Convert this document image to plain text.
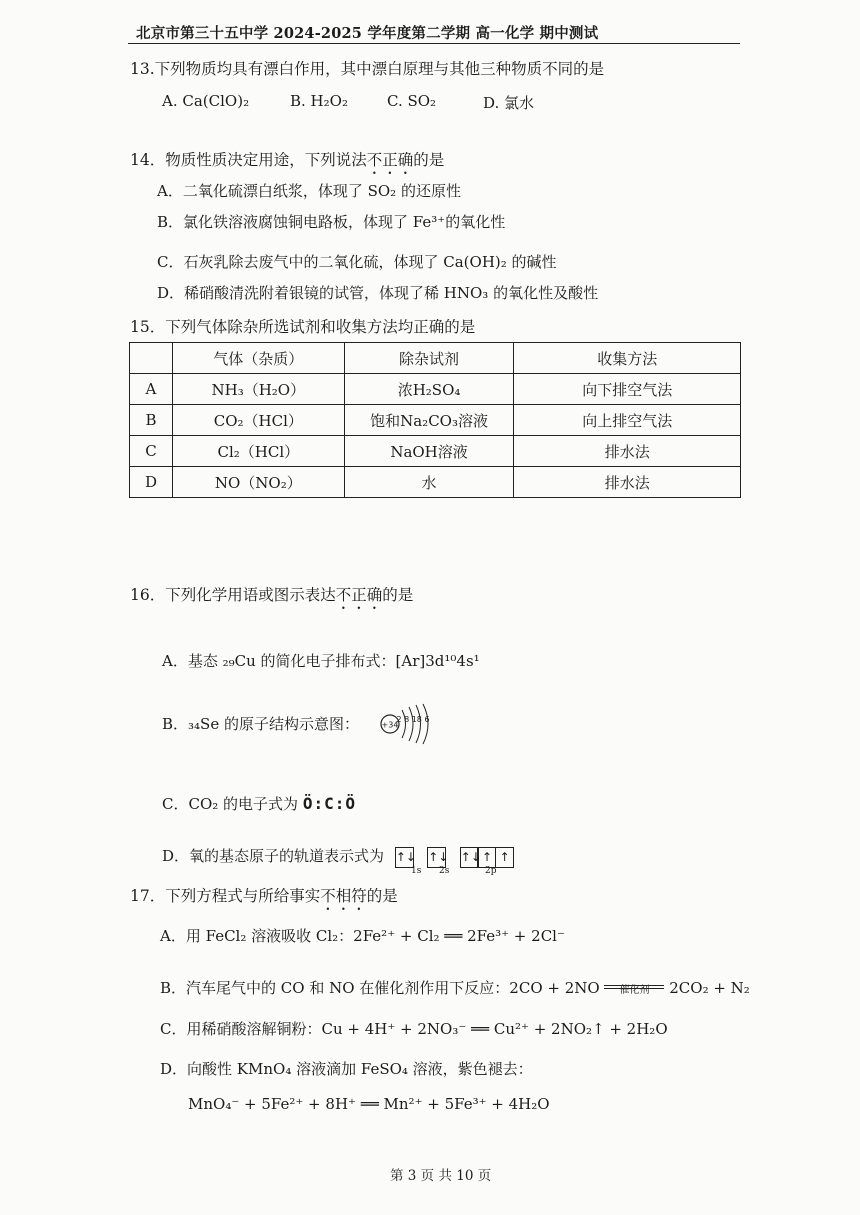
北京市第三十五中学 2024-2025 学年度第二学期 高一化学 期中测试
13.下列物质均具有漂白作用，其中漂白原理与其他三种物质不同的是
A. Ca(ClO)₂	B. H₂O₂	C. SO₂	D. 氯水
14．物质性质决定用途，下列说法不正确的是
A．二氧化硫漂白纸浆，体现了 SO₂ 的还原性
B．氯化铁溶液腐蚀铜电路板，体现了 Fe³⁺的氧化性
C．石灰乳除去废气中的二氧化硫，体现了 Ca(OH)₂ 的碱性
D．稀硝酸清洗附着银镜的试管，体现了稀 HNO₃ 的氧化性及酸性
15．下列气体除杂所选试剂和收集方法均正确的是
	气体（杂质）	除杂试剂	收集方法
A	NH₃（H₂O）	浓H₂SO₄	向下排空气法
B	CO₂（HCl）	饱和Na₂CO₃溶液	向上排空气法
C	Cl₂（HCl）	NaOH溶液	排水法
D	NO（NO₂）	水	排水法
16．下列化学用语或图示表达不正确的是
A．基态 ₂₉Cu 的简化电子排布式：[Ar]3d¹⁰4s¹
B．₃₄Se 的原子结构示意图：	+34
2 8 18 6
C．CO₂ 的电子式为 Ö:C:Ö
D．氧的基态原子的轨道表示式为 ↑↓
↑↓
↑↓ ↑ ↑
1s 2s	2p
17．下列方程式与所给事实不相符的是
A．用 FeCl₂ 溶液吸收 Cl₂：2Fe²⁺ + Cl₂ ══ 2Fe³⁺ + 2Cl⁻
B．汽车尾气中的 CO 和 NO 在催化剂作用下反应：2CO + 2NO	催化剂	2CO₂ + N₂
C．用稀硝酸溶解铜粉：Cu + 4H⁺ + 2NO₃⁻ ══ Cu²⁺ + 2NO₂↑ + 2H₂O
D．向酸性 KMnO₄ 溶液滴加 FeSO₄ 溶液，紫色褪去：
MnO₄⁻ + 5Fe²⁺ + 8H⁺ ══ Mn²⁺ + 5Fe³⁺ + 4H₂O
第 3 页 共 10 页
